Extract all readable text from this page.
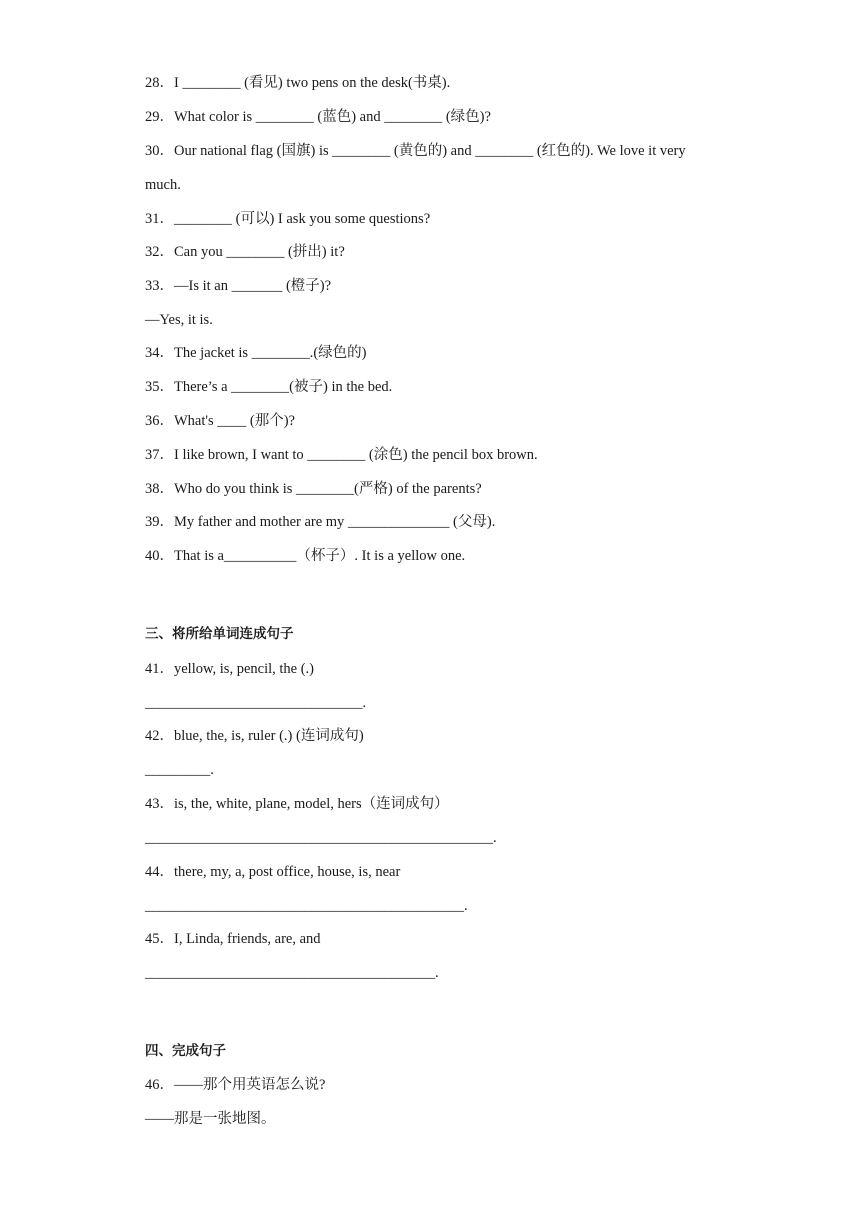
28．I ________ (看见) two pens on the desk(书桌).
29．What color is ________ (蓝色) and ________ (绿色)?
30．Our national flag (国旗) is ________ (黄色的) and ________ (红色的). We love it very
much.
31．________ (可以) I ask you some questions?
32．Can you ________ (拼出) it?
33．—Is it an _______ (橙子)?
—Yes, it is.
34．The jacket is ________.(绿色的)
35．There’s a ________(被子) in the bed.
36．What's ____ (那个)?
37．I like brown, I want to ________ (涂色) the pencil box brown.
38．Who do you think is ________(严格) of the parents?
39．My father and mother are my ______________ (父母).
40．That is a__________（杯子）. It is a yellow one.
三、将所给单词连成句子
41．yellow, is, pencil, the (.)
______________________________.
42．blue, the, is, ruler (.) (连词成句)
_________.
43．is, the, white, plane, model, hers（连词成句）
________________________________________________.
44．there, my, a, post office, house, is, near
____________________________________________.
45．I, Linda, friends, are, and
________________________________________.
四、完成句子
46．——那个用英语怎么说?
——那是一张地图。
